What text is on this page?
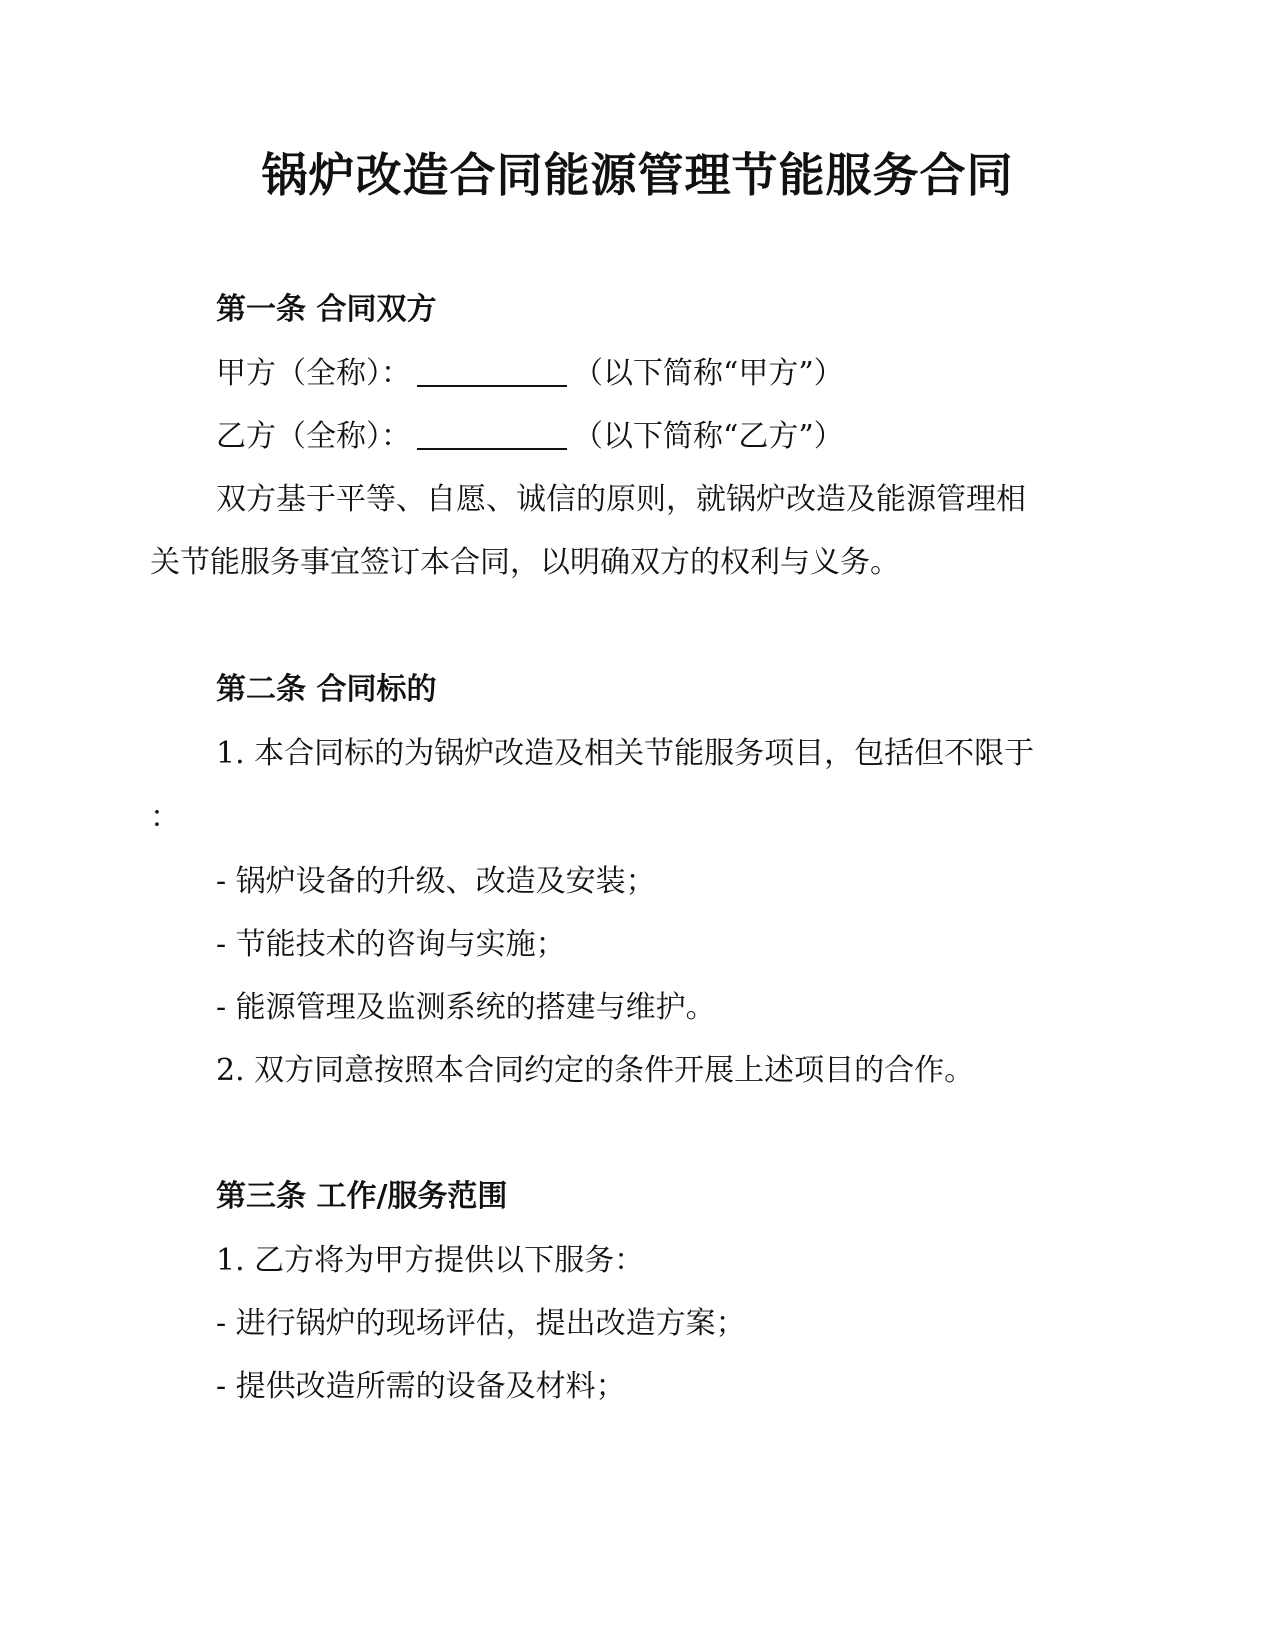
锅炉改造合同能源管理节能服务合同
第一条 合同双方
甲方（全称）：	（以下简称“甲方”）
乙方（全称）：	（以下简称“乙方”）
双方基于平等、自愿、诚信的原则，就锅炉改造及能源管理相
关节能服务事宜签订本合同，以明确双方的权利与义务。
第二条 合同标的
1. 本合同标的为锅炉改造及相关节能服务项目，包括但不限于
：
- 锅炉设备的升级、改造及安装；
- 节能技术的咨询与实施；
- 能源管理及监测系统的搭建与维护。
2. 双方同意按照本合同约定的条件开展上述项目的合作。
第三条 工作/服务范围
1. 乙方将为甲方提供以下服务：
- 进行锅炉的现场评估，提出改造方案；
- 提供改造所需的设备及材料；
